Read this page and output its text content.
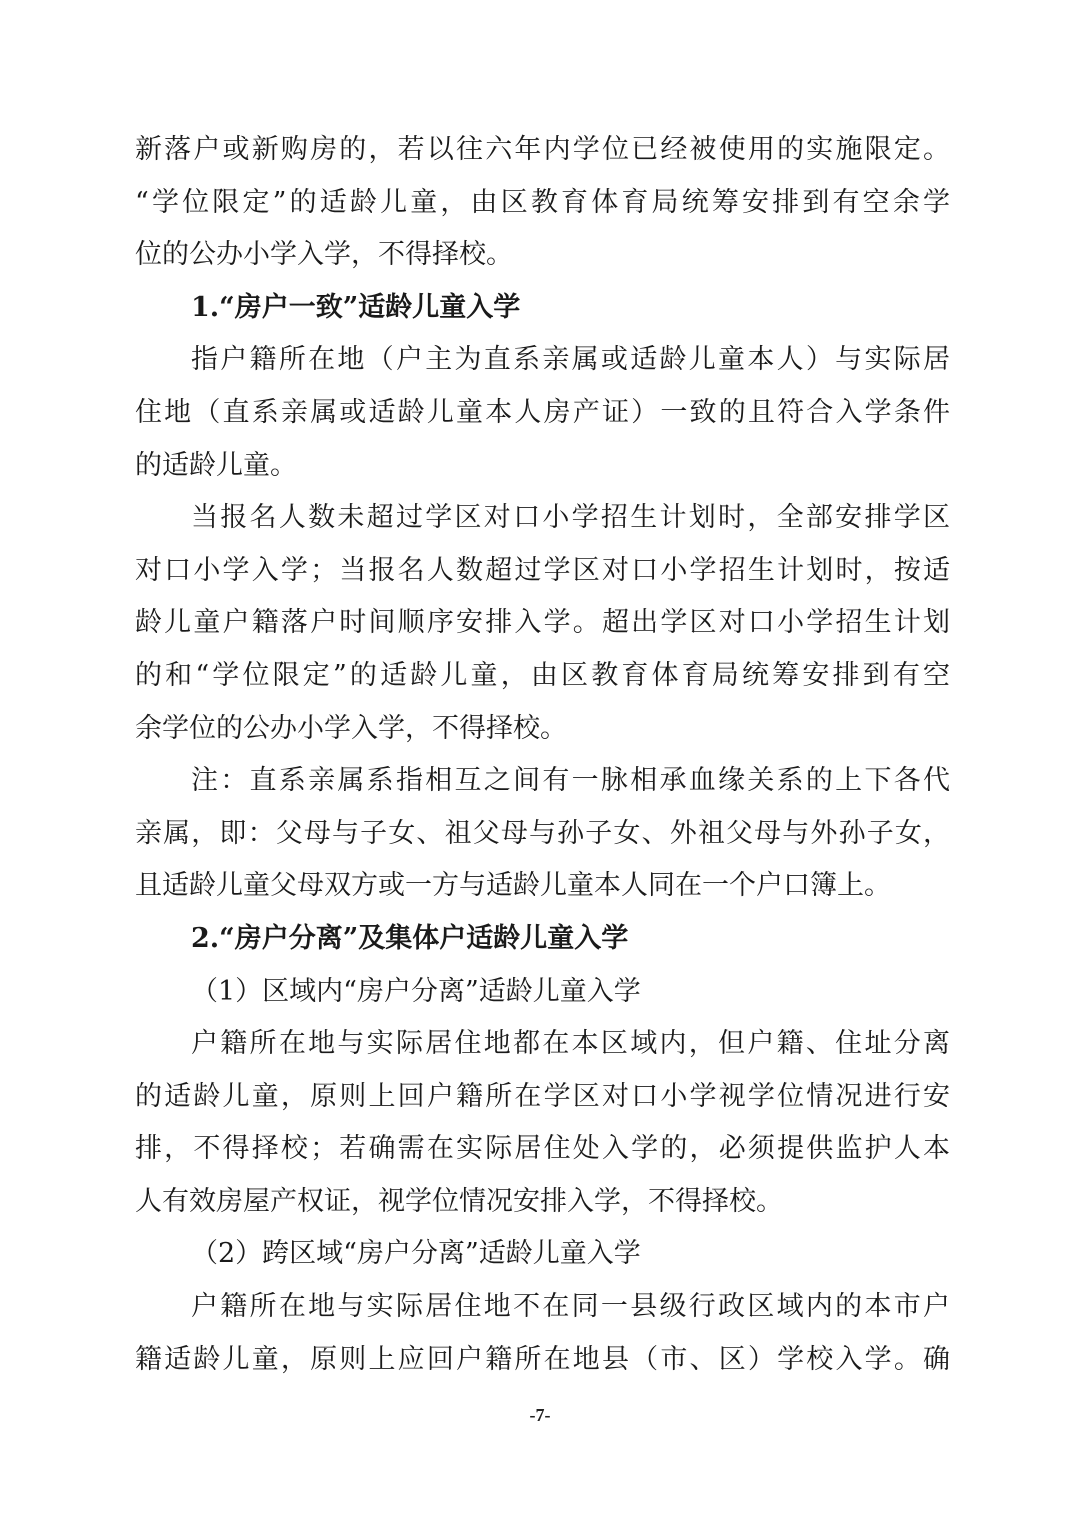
新落户或新购房的，若以往六年内学位已经被使用的实施限定。
“学位限定”的适龄儿童，由区教育体育局统筹安排到有空余学
位的公办小学入学，不得择校。
1.“房户一致”适龄儿童入学
指户籍所在地（户主为直系亲属或适龄儿童本人）与实际居
住地（直系亲属或适龄儿童本人房产证）一致的且符合入学条件
的适龄儿童。
当报名人数未超过学区对口小学招生计划时，全部安排学区
对口小学入学；当报名人数超过学区对口小学招生计划时，按适
龄儿童户籍落户时间顺序安排入学。超出学区对口小学招生计划
的和“学位限定”的适龄儿童，由区教育体育局统筹安排到有空
余学位的公办小学入学，不得择校。
注：直系亲属系指相互之间有一脉相承血缘关系的上下各代
亲属，即：父母与子女、祖父母与孙子女、外祖父母与外孙子女，
且适龄儿童父母双方或一方与适龄儿童本人同在一个户口簿上。
2.“房户分离”及集体户适龄儿童入学
（1）区域内“房户分离”适龄儿童入学
户籍所在地与实际居住地都在本区域内，但户籍、住址分离
的适龄儿童，原则上回户籍所在学区对口小学视学位情况进行安
排，不得择校；若确需在实际居住处入学的，必须提供监护人本
人有效房屋产权证，视学位情况安排入学，不得择校。
（2）跨区域“房户分离”适龄儿童入学
户籍所在地与实际居住地不在同一县级行政区域内的本市户
籍适龄儿童，原则上应回户籍所在地县（市、区）学校入学。确
-7-
